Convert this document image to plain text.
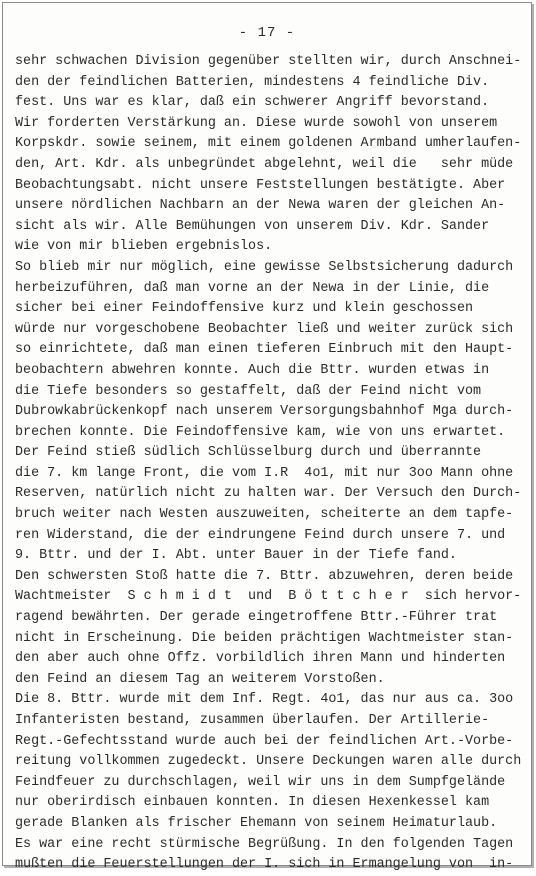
- 17 -
sehr schwachen Division gegenüber stellten wir, durch Anschnei-
den der feindlichen Batterien, mindestens 4 feindliche Div.
fest. Uns war es klar, daß ein schwerer Angriff bevorstand.
Wir forderten Verstärkung an. Diese wurde sowohl von unserem
Korpskdr. sowie seinem, mit einem goldenen Armband umherlaufen-
den, Art. Kdr. als unbegründet abgelehnt, weil die   sehr müde
Beobachtungsabt. nicht unsere Feststellungen bestätigte. Aber
unsere nördlichen Nachbarn an der Newa waren der gleichen An-
sicht als wir. Alle Bemühungen von unserem Div. Kdr. Sander
wie von mir blieben ergebnislos.
So blieb mir nur möglich, eine gewisse Selbstsicherung dadurch
herbeizuführen, daß man vorne an der Newa in der Linie, die
sicher bei einer Feindoffensive kurz und klein geschossen
würde nur vorgeschobene Beobachter ließ und weiter zurück sich
so einrichtete, daß man einen tieferen Einbruch mit den Haupt-
beobachtern abwehren konnte. Auch die Bttr. wurden etwas in
die Tiefe besonders so gestaffelt, daß der Feind nicht vom
Dubrowkabrückenkopf nach unserem Versorgungsbahnhof Mga durch-
brechen konnte. Die Feindoffensive kam, wie von uns erwartet.
Der Feind stieß südlich Schlüsselburg durch und überrannte
die 7. km lange Front, die vom I.R  4o1, mit nur 3oo Mann ohne
Reserven, natürlich nicht zu halten war. Der Versuch den Durch-
bruch weiter nach Westen auszuweiten, scheiterte an dem tapfe-
ren Widerstand, die der eindrungene Feind durch unsere 7. und
9. Bttr. und der I. Abt. unter Bauer in der Tiefe fand.
Den schwersten Stoß hatte die 7. Bttr. abzuwehren, deren beide
Wachtmeister  S c h m i d t  und  B ö t t c h e r  sich hervor-
ragend bewährten. Der gerade eingetroffene Bttr.-Führer trat
nicht in Erscheinung. Die beiden prächtigen Wachtmeister stan-
den aber auch ohne Offz. vorbildlich ihren Mann und hinderten
den Feind an diesem Tag an weiterem Vorstoßen.
Die 8. Bttr. wurde mit dem Inf. Regt. 4o1, das nur aus ca. 3oo
Infanteristen bestand, zusammen überlaufen. Der Artillerie-
Regt.-Gefechtsstand wurde auch bei der feindlichen Art.-Vorbe-
reitung vollkommen zugedeckt. Unsere Deckungen waren alle durch
Feindfeuer zu durchschlagen, weil wir uns in dem Sumpfgelände
nur oberirdisch einbauen konnten. In diesen Hexenkessel kam
gerade Blanken als frischer Ehemann von seinem Heimaturlaub.
Es war eine recht stürmische Begrüßung. In den folgenden Tagen
mußten die Feuerstellungen der I. sich in Ermangelung von  in-
